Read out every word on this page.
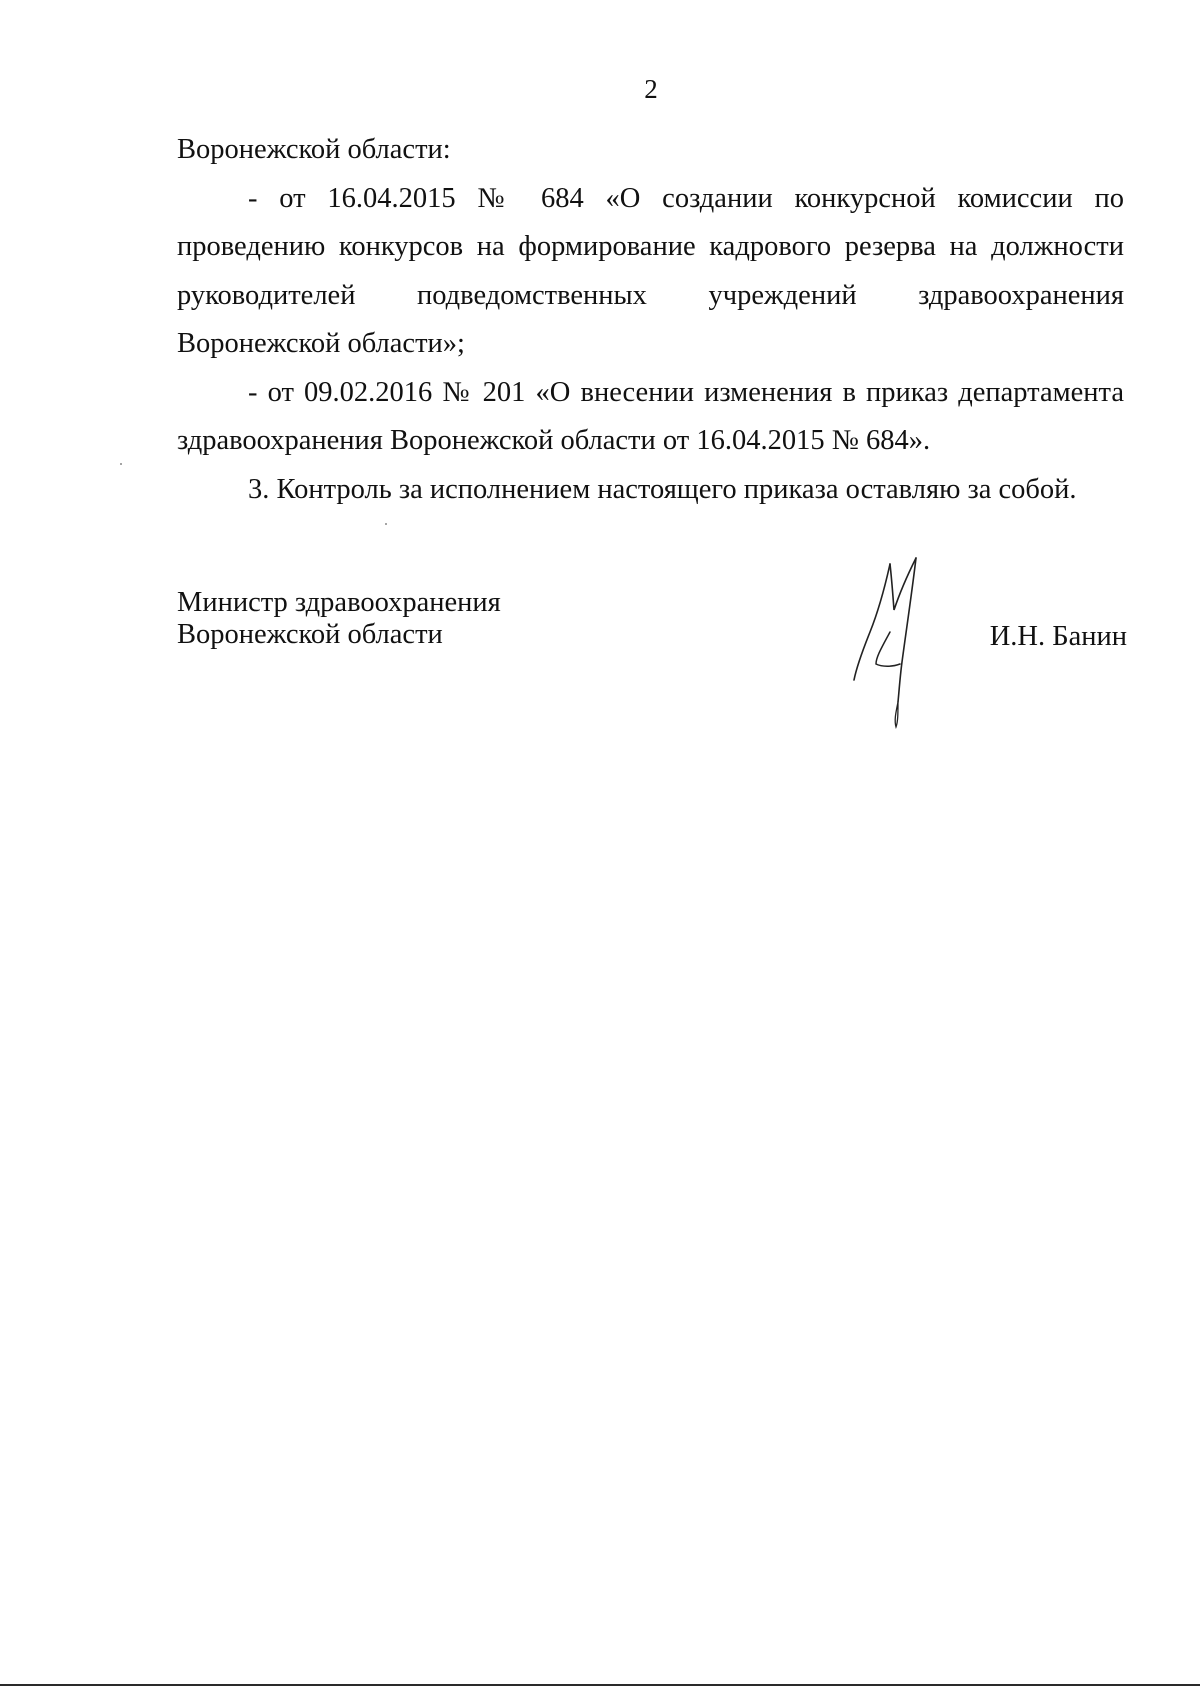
2

Воронежской области:

- от 16.04.2015 № 684 «О создании конкурсной комиссии по проведению конкурсов на формирование кадрового резерва на должности руководителей подведомственных учреждений здравоохранения Воронежской области»;

- от 09.02.2016 № 201 «О внесении изменения в приказ департамента здравоохранения Воронежской области от 16.04.2015 № 684».

3. Контроль за исполнением настоящего приказа оставляю за собой.

Министр здравоохранения
Воронежской области	И.Н. Банин
